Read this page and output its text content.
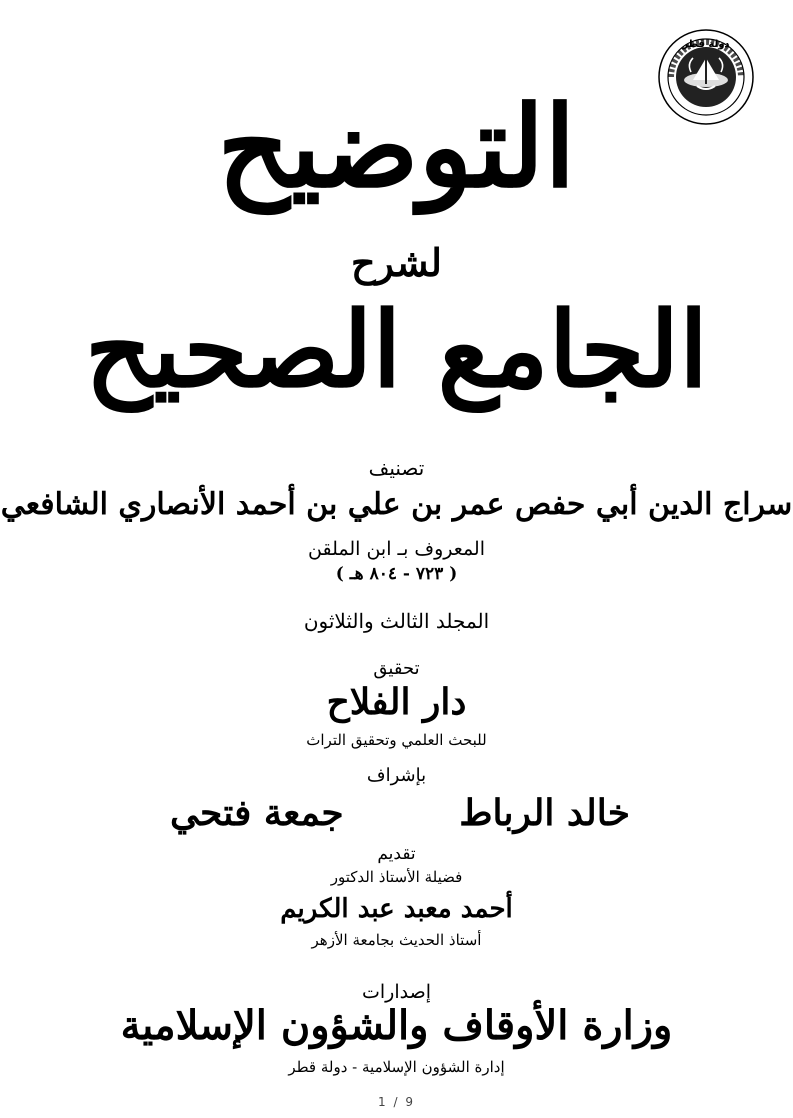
دولة قطر
التوضيح
لشرح
الجامع الصحيح
تصنيف
سراج الدين أبي حفص عمر بن علي بن أحمد الأنصاري الشافعي
المعروف بـ ابن الملقن
( ٧٢٣ - ٨٠٤ هـ )
المجلد الثالث والثلاثون
تحقيق
دار الفلاح
للبحث العلمي وتحقيق التراث
بإشراف
خالد الرباط
جمعة فتحي
تقديم
فضيلة الأستاذ الدكتور
أحمد معبد عبد الكريم
أستاذ الحديث بجامعة الأزهر
إصدارات
وزارة الأوقاف والشؤون الإسلامية
إدارة الشؤون الإسلامية - دولة قطر
1 / 9
